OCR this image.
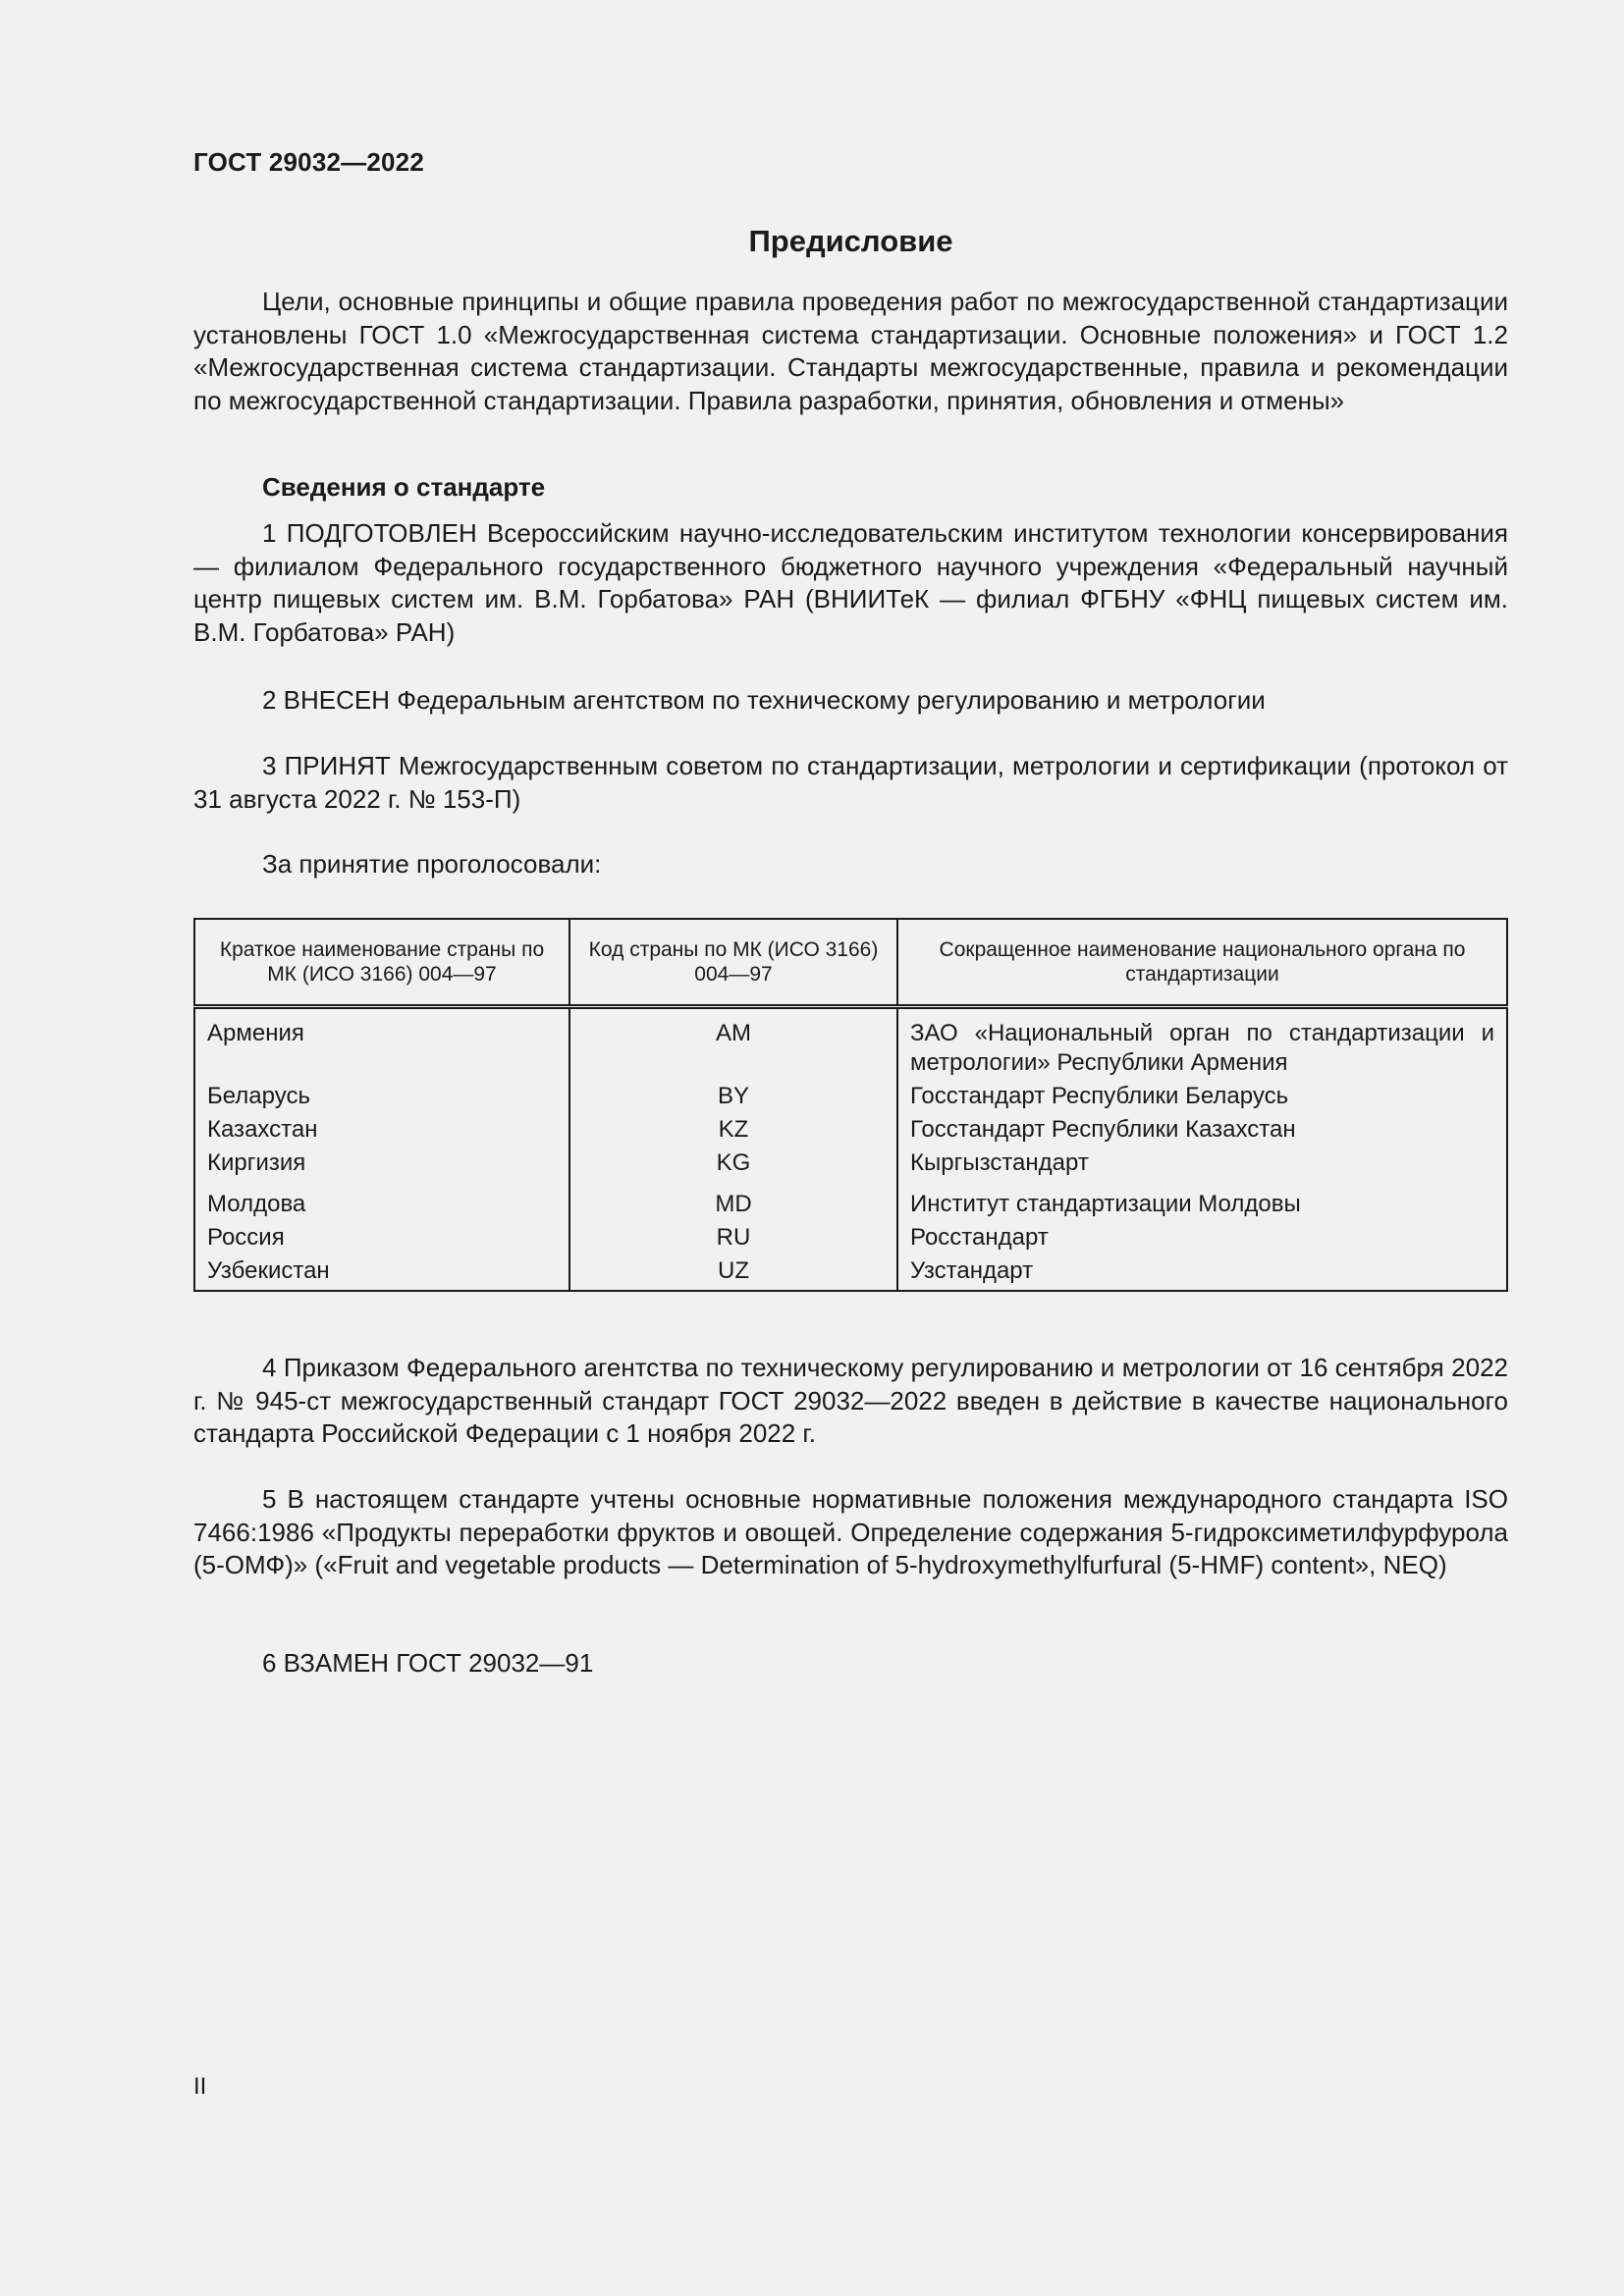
ГОСТ 29032—2022
Предисловие
Цели, основные принципы и общие правила проведения работ по межгосударственной стандартизации установлены ГОСТ 1.0 «Межгосударственная система стандартизации. Основные положения» и ГОСТ 1.2 «Межгосударственная система стандартизации. Стандарты межгосударственные, правила и рекомендации по межгосударственной стандартизации. Правила разработки, принятия, обновления и отмены»
Сведения о стандарте
1 ПОДГОТОВЛЕН Всероссийским научно-исследовательским институтом технологии консервирования — филиалом Федерального государственного бюджетного научного учреждения «Федеральный научный центр пищевых систем им. В.М. Горбатова» РАН (ВНИИТеК — филиал ФГБНУ «ФНЦ пищевых систем им. В.М. Горбатова» РАН)
2 ВНЕСЕН Федеральным агентством по техническому регулированию и метрологии
3 ПРИНЯТ Межгосударственным советом по стандартизации, метрологии и сертификации (протокол от 31 августа 2022 г. № 153-П)
За принятие проголосовали:
Краткое наименование страны по МК (ИСО 3166) 004—97	Код страны по МК (ИСО 3166) 004—97	Сокращенное наименование национального органа по стандартизации
Армения	AM	ЗАО «Национальный орган по стандартизации и метрологии» Республики Армения
Беларусь	BY	Госстандарт Республики Беларусь
Казахстан	KZ	Госстандарт Республики Казахстан
Киргизия	KG	Кыргызстандарт
Молдова	MD	Институт стандартизации Молдовы
Россия	RU	Росстандарт
Узбекистан	UZ	Узстандарт
4 Приказом Федерального агентства по техническому регулированию и метрологии от 16 сентября 2022 г. № 945-ст межгосударственный стандарт ГОСТ 29032—2022 введен в действие в качестве национального стандарта Российской Федерации с 1 ноября 2022 г.
5 В настоящем стандарте учтены основные нормативные положения международного стандарта ISO 7466:1986 «Продукты переработки фруктов и овощей. Определение содержания 5-гидроксиметилфурфурола (5-ОМФ)» («Fruit and vegetable products — Determination of 5-hydroxymethylfurfural (5-HMF) content», NEQ)
6 ВЗАМЕН ГОСТ 29032—91
II
